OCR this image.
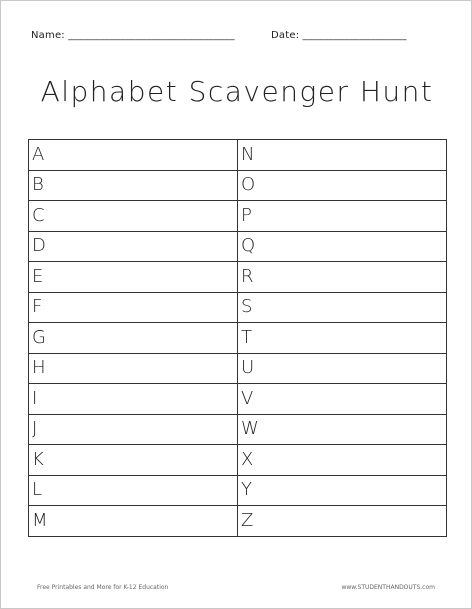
Name: ________________________________	Date: ____________________
Alphabet Scavenger Hunt
A	N
B	O
C	P
D	Q
E	R
F	S
G	T
H	U
I	V
J	W
K	X
L	Y
M	Z
Free Printables and More for K-12 Education	www.STUDENTHANDOUTS.com
